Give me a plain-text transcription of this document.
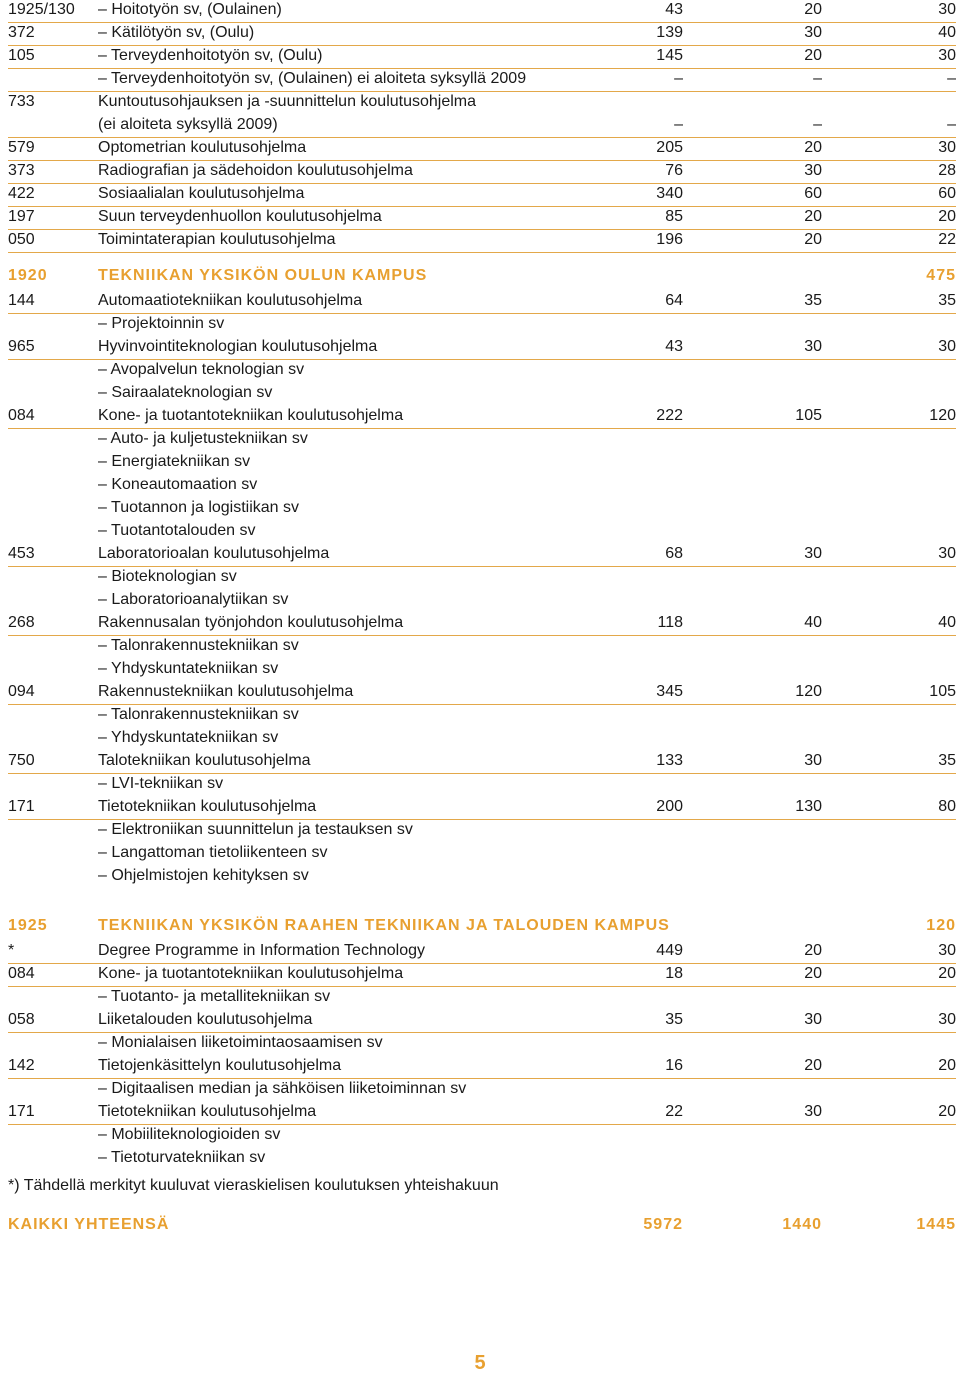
1925/130 – Hoitotyön sv, (Oulainen)	43	20	30
372	– Kätilötyön sv, (Oulu)	139	30	40
105	– Terveydenhoitotyön sv, (Oulu)	145	20	30
– Terveydenhoitotyön sv, (Oulainen) ei aloiteta syksyllä 2009	–	–	–
733	Kuntoutusohjauksen ja -suunnittelun koulutusohjelma
(ei aloiteta syksyllä 2009)	–	–	–
579	Optometrian koulutusohjelma	205	20	30
373	Radiografian ja sädehoidon koulutusohjelma	76	30	28
422	Sosiaalialan koulutusohjelma	340	60	60
197	Suun terveydenhuollon koulutusohjelma	85	20	20
050	Toimintaterapian koulutusohjelma	196	20	22
1920	TEKNIIKAN YKSIKÖN OULUN KAMPUS	475
144	Automaatiotekniikan koulutusohjelma	64	35	35
– Projektoinnin sv
965	Hyvinvointiteknologian koulutusohjelma	43	30	30
– Avopalvelun teknologian sv
– Sairaalateknologian sv
084	Kone- ja tuotantotekniikan koulutusohjelma	222	105	120
– Auto- ja kuljetustekniikan sv
– Energiatekniikan sv
– Koneautomaation sv
– Tuotannon ja logistiikan sv
– Tuotantotalouden sv
453	Laboratorioalan koulutusohjelma	68	30	30
– Bioteknologian sv
– Laboratorioanalytiikan sv
268	Rakennusalan työnjohdon koulutusohjelma	118	40	40
– Talonrakennustekniikan sv
– Yhdyskuntatekniikan sv
094	Rakennustekniikan koulutusohjelma	345	120	105
– Talonrakennustekniikan sv
– Yhdyskuntatekniikan sv
750	Talotekniikan koulutusohjelma	133	30	35
– LVI-tekniikan sv
171	Tietotekniikan koulutusohjelma	200	130	80
– Elektroniikan suunnittelun ja testauksen sv
– Langattoman tietoliikenteen sv
– Ohjelmistojen kehityksen sv
1925	TEKNIIKAN YKSIKÖN RAAHEN TEKNIIKAN JA TALOUDEN KAMPUS	120
*	Degree Programme in Information Technology	449	20	30
084	Kone- ja tuotantotekniikan koulutusohjelma	18	20	20
– Tuotanto- ja metallitekniikan sv
058	Liiketalouden koulutusohjelma	35	30	30
– Monialaisen liiketoimintaosaamisen sv
142	Tietojenkäsittelyn koulutusohjelma	16	20	20
– Digitaalisen median ja sähköisen liiketoiminnan sv
171	Tietotekniikan koulutusohjelma	22	30	20
– Mobiiliteknologioiden sv
– Tietoturvatekniikan sv
*) Tähdellä merkityt kuuluvat vieraskielisen koulutuksen yhteishakuun
KAIKKI YHTEENSÄ	5972	1440	1445
5
